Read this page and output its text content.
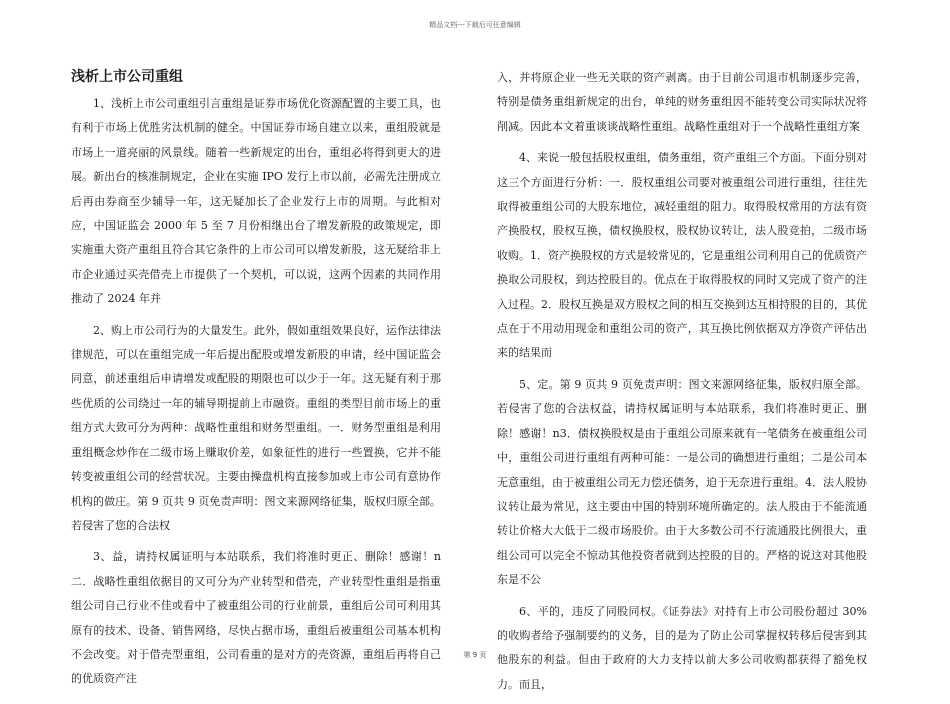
精品文档---下载后可任意编辑
浅析上市公司重组

1、浅析上市公司重组引言重组是证券市场优化资源配置的主要工具，也有利于市场上优胜劣汰机制的健全。中国证券市场自建立以来，重组股就是市场上一道亮丽的风景线。随着一些新规定的出台，重组必将得到更大的进展。新出台的核准制规定，企业在实施 IPO 发行上市以前，必需先注册成立后再由券商至少辅导一年，这无疑加长了企业发行上市的周期。与此相对应，中国证监会 2000 年 5 至 7 月份相继出台了增发新股的政策规定，即实施重大资产重组且符合其它条件的上市公司可以增发新股，这无疑给非上市企业通过买壳借壳上市提供了一个契机，可以说，这两个因素的共同作用推动了 2024 年并

2、购上市公司行为的大量发生。此外，假如重组效果良好，运作法律法律规范，可以在重组完成一年后提出配股或增发新股的申请，经中国证监会同意，前述重组后申请增发或配股的期限也可以少于一年。这无疑有利于那些优质的公司绕过一年的辅导期提前上市融资。重组的类型目前市场上的重组方式大致可分为两种：战略性重组和财务型重组。一．财务型重组是利用重组概念炒作在二级市场上赚取价差，如象征性的进行一些置换，它并不能转变被重组公司的经营状况。主要由操盘机构直接参加或上市公司有意协作机构的做庄。第 9 页共 9 页免责声明：图文来源网络征集，版权归原全部。若侵害了您的合法权

3、益，请持权属证明与本站联系，我们将准时更正、删除！感谢！n 二．战略性重组依据目的又可分为产业转型和借壳，产业转型性重组是指重组公司自己行业不佳或看中了被重组公司的行业前景，重组后公司可利用其原有的技术、设备、销售网络，尽快占据市场，重组后被重组公司基本机构不会改变。对于借壳型重组，公司看重的是对方的壳资源，重组后再将自己的优质资产注

入，并将原企业一些无关联的资产剥离。由于目前公司退市机制逐步完善，特别是债务重组新规定的出台，单纯的财务重组因不能转变公司实际状况将削减。因此本文着重谈谈战略性重组。战略性重组对于一个战略性重组方案

4、来说一般包括股权重组，债务重组，资产重组三个方面。下面分别对这三个方面进行分析：一．股权重组公司要对被重组公司进行重组，往往先取得被重组公司的大股东地位，减轻重组的阻力。取得股权常用的方法有资产换股权，股权互换，债权换股权，股权协议转让，法人股竞拍，二级市场收购。1．资产换股权的方式是较常见的，它是重组公司利用自己的优质资产换取公司股权，到达控股目的。优点在于取得股权的同时又完成了资产的注入过程。2．股权互换是双方股权之间的相互交换到达互相持股的目的，其优点在于不用动用现金和重组公司的资产，其互换比例依据双方净资产评估出来的结果而

5、定。第 9 页共 9 页免责声明：图文来源网络征集，版权归原全部。若侵害了您的合法权益，请持权属证明与本站联系，我们将准时更正、删除！感谢！n3．债权换股权是由于重组公司原来就有一笔债务在被重组公司中，重组公司进行重组有两种可能：一是公司的确想进行重组；二是公司本无意重组，由于被重组公司无力偿还债务，迫于无奈进行重组。4．法人股协议转让最为常见，这主要由中国的特别环境所确定的。法人股由于不能流通转让价格大大低于二级市场股价。由于大多数公司不行流通股比例很大，重组公司可以完全不惊动其他投资者就到达控股的目的。严格的说这对其他股东是不公

6、平的，违反了同股同权。《证券法》对持有上市公司股份超过 30%的收购者给予强制要约的义务，目的是为了防止公司掌握权转移后侵害到其他股东的利益。但由于政府的大力支持以前大多公司收购都获得了豁免权力。而且，

第 9 页
